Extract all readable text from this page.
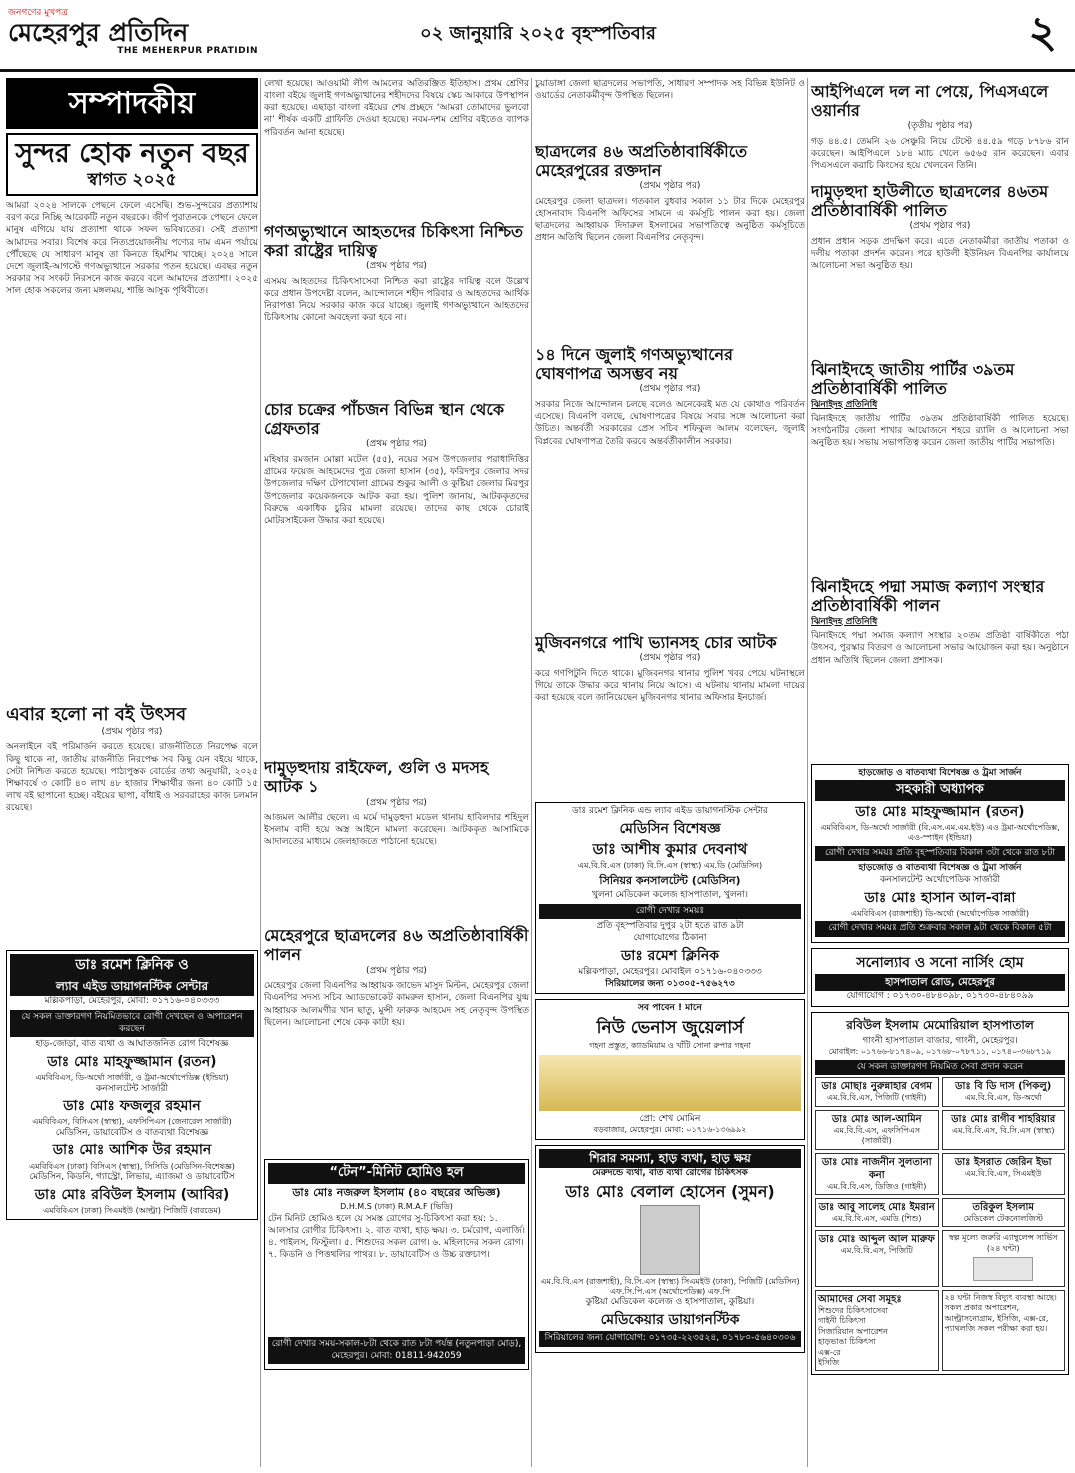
জনগণের মুখপত্র
মেহেরপুর প্রতিদিন
THE MEHERPUR PRATIDIN
০২ জানুয়ারি ২০২৫ বৃহস্পতিবার	২
সম্পাদকীয়
সুন্দর হোক নতুন বছর
স্বাগত ২০২৫
আমরা ২০২৪ সালকে পেছনে ফেলে এসেছি। শুভ-সুন্দরের প্রত্যাশায় বরণ করে নিচ্ছি আরেকটি নতুন বছরকে। জীর্ণ পুরাতনকে পেছনে ফেলে মানুষ এগিয়ে যায় প্রত্যাশা থাকে সফল ভবিষ্যতের। সেই প্রত্যাশা আমাদের সবার। বিশেষ করে নিত্যপ্রয়োজনীয় পণ্যের দাম এমন পর্যায়ে পৌঁছেছে যে সাধারণ মানুষ তা কিনতে হিমশিম খাচ্ছে। ২০২৪ সালে দেশে জুলাই-আগস্টে গণঅভ্যুত্থানে সরকার পতন হয়েছে। এবছর নতুন সরকার সব সংকট নিরসনে কাজ করবে বলে আমাদের প্রত্যাশা। ২০২৫ সাল হোক সকলের জন্য মঙ্গলময়, শান্তি আসুক পৃথিবীতে।
এবার হলো না বই উৎসব
(প্রথম পৃষ্ঠার পর)
অনলাইনে বই পরিমার্জন করতে হয়েছে। রাজনীতিতে নিরপেক্ষ বলে কিছু থাকে না, জাতীয় রাজনীতি নিরপেক্ষ সব কিছু যেন বইয়ে থাকে, সেটা নিশ্চিত করতে হয়েছে। পাঠ্যপুস্তক বোর্ডের তথ্য অনুযায়ী, ২০২৫ শিক্ষাবর্ষে ৩ কোটি ৪০ লাখ ৪৮ হাজার শিক্ষার্থীর জন্য ৪০ কোটি ১৫ লাখ বই ছাপানো হচ্ছে। বইয়ের ছাপা, বাঁধাই ও সরবরাহের কাজ চলমান রয়েছে।
ডাঃ রমেশ ক্লিনিক ও
ল্যাব এইড ডায়াগনস্টিক সেন্টার
মল্লিকপাড়া, মেহেরপুর, মোবা: ০১৭১৬-০৪০৩৩৩
যে সকল ডাক্তারগণ নিয়মিতভাবে রোগী দেখছেন ও অপারেশন করছেন
হাড়-জোড়া, বাত ব্যথা ও আঘাতজনিত রোগ বিশেষজ্ঞ
ডাঃ মোঃ মাহফুজ্জামান (রতন)
এমবিবিএস, ডি-অর্থো সার্জারী, ও ট্রমা-অর্থোপেডিক্স (ইন্ডিয়া)
কনসালটেন্ট সার্জারী
ডাঃ মোঃ ফজলুর রহমান
এমবিবিএস, বিসিএস (স্বাস্থ্য), এফসিপিএস (জেনারেল সার্জারী)
মেডিসিন, ডায়াবেটিস ও বাতব্যথা বিশেষজ্ঞ
ডাঃ মোঃ আশিক উর রহমান
এমবিবিএস (ঢাকা) বিসিএস (স্বাস্থ্য), সিসিডি (মেডিসিন-বিশেষজ্ঞ)
মেডিসিন, কিডনি, গ্যাস্ট্রো, লিভার, এ্যাজমা ও ডায়াবেটিস
ডাঃ মোঃ রবিউল ইসলাম (আবির)
এমবিবিএস (ঢাকা) সিএমইউ (আল্ট্রা) পিজিটি (বারডেম)
লেখা হয়েছে। আওয়ামী লীগ আমলের অতিরঞ্জিত ইতিহাস। প্রথম শ্রেণির বাংলা বইয়ে জুলাই গণঅভ্যুত্থানের শহীদদের বিষয়ে স্কেচ আকারে উপস্থাপন করা হয়েছে। এছাড়া বাংলা বইয়ের শেষ প্রচ্ছদে ‘আমরা তোমাদের ভুলবো না’ শীর্ষক একটি গ্রাফিতি দেওয়া হয়েছে। নবম-দশম শ্রেণির বইতেও ব্যাপক পরিবর্তন আনা হয়েছে।
গণঅভ্যুত্থানে আহতদের চিকিৎসা নিশ্চিত করা রাষ্ট্রের দায়িত্ব
(প্রথম পৃষ্ঠার পর)
এসময় আহতদের চিকিৎসাসেবা নিশ্চিত করা রাষ্ট্রের দায়িত্ব বলে উল্লেখ করে প্রধান উপদেষ্টা বলেন, আন্দোলনে শহীদ পরিবার ও আহতদের আর্থিক নিরাপত্তা নিয়ে সরকার কাজ করে যাচ্ছে। জুলাই গণঅভ্যুত্থানে আহতদের চিকিৎসায় কোনো অবহেলা করা হবে না।
চোর চক্রের পাঁচজন বিভিন্ন স্থান থেকে গ্রেফতার
(প্রথম পৃষ্ঠার পর)
মহিষার রমজান মোল্লা মটেল (৫৫), নয়ের সরস উপজেলার পরাধাদিত্তির গ্রামের ফয়েজ আহমেদের পুত্র জেলা হাসান (৩৫), ফরিদপুর জেলার সদর উপজেলার দক্ষিণ টেপাখোলা গ্রামের শুকুর আলী ও কুষ্টিয়া জেলার মিরপুর উপজেলার কয়েকজনকে আটক করা হয়। পুলিশ জানায়, আটককৃতদের বিরুদ্ধে একাধিক চুরির মামলা রয়েছে। তাদের কাছ থেকে চোরাই মোটরসাইকেল উদ্ধার করা হয়েছে।
দামুড়হুদায় রাইফেল, গুলি ও মদসহ আটক ১
(প্রথম পৃষ্ঠার পর)
আজমল আলীর ছেলে। এ মর্মে দামুড়হুদা মডেল থানায় হাবিলদার শহিদুল ইসলাম বাদী হয়ে অস্ত্র আইনে মামলা করেছেন। আটককৃত আসামিকে আদালতের মাধ্যমে জেলহাজতে পাঠানো হয়েছে।
মেহেরপুরে ছাত্রদলের ৪৬ অপ্রতিষ্ঠাবার্ষিকী পালন
(প্রথম পৃষ্ঠার পর)
মেহেরপুর জেলা বিএনপির আহ্বায়ক জাভেদ মাসুদ মিল্টন, মেহেরপুর জেলা বিএনপির সদস্য সচিব অ্যাডভোকেট কামরুল হাসান, জেলা বিএনপির যুগ্ম আহ্বায়ক আলমগীর খান ছাতু, মুন্সী ফারুক আহমেদ সহ নেতৃবৃন্দ উপস্থিত ছিলেন। আলোচনা শেষে কেক কাটা হয়।
“টেন”-মিনিট হোমিও হল
ডাঃ মোঃ নজরুল ইসলাম (৪০ বছরের অভিজ্ঞ)
D.H.M.S (ঢাকা) R.M.A.F (ভিডি)
টেন মিনিট হোমিও হলে যে সমস্ত রোগের সু-চিকিৎসা করা হয়: ১. আলসার রোগীর চিকিৎসা। ২. বাত ব্যথা, হাড় ক্ষয়। ৩. চর্মরোগ, এলার্জি। ৪. পাইলস, ফিস্টুলা। ৫. শিশুদের সকল রোগ। ৬. মহিলাদের সকল রোগ। ৭. কিডনি ও পিত্তথলির পাথর। ৮. ডায়াবেটিস ও উচ্চ রক্তচাপ।
রোগী দেখার সময়-সকাল-৮টা থেকে রাত ৮টা পর্যন্ত (নতুনপাড়া মোড়), মেহেরপুর। মোবা: 01811-942059
চুয়াডাঙ্গা জেলা ছাত্রদলের সভাপতি, সাধারণ সম্পাদক সহ বিভিন্ন ইউনিট ও ওয়ার্ডের নেতাকর্মীবৃন্দ উপস্থিত ছিলেন।
ছাত্রদলের ৪৬ অপ্রতিষ্ঠাবার্ষিকীতে মেহেরপুরের রক্তদান
(প্রথম পৃষ্ঠার পর)
মেহেরপুর জেলা ছাত্রদল। গতকাল বুধবার সকাল ১১ টার দিকে মেহেরপুর হোসনাবাদ বিএনপি অফিসের সামনে এ কর্মসূচি পালন করা হয়। জেলা ছাত্রদলের আহ্বায়ক দিদারুল ইসলামের সভাপতিত্বে অনুষ্ঠিত কর্মসূচিতে প্রধান অতিথি ছিলেন জেলা বিএনপির নেতৃবৃন্দ।
১৪ দিনে জুলাই গণঅভ্যুত্থানের ঘোষণাপত্র অসম্ভব নয়
(প্রথম পৃষ্ঠার পর)
সরকার নিজে আন্দোলন চলছে বলেও অনেকেরই মত যে কোথাও পরিবর্তন এসেছে। বিএনপি বলছে, ঘোষণাপত্রের বিষয়ে সবার সঙ্গে আলোচনা করা উচিত। অন্তর্বর্তী সরকারের প্রেস সচিব শফিকুল আলম বলেছেন, জুলাই বিপ্লবের ঘোষণাপত্র তৈরি করবে অন্তর্বর্তীকালীন সরকার।
মুজিবনগরে পাখি ভ্যানসহ চোর আটক
(প্রথম পৃষ্ঠার পর)
করে গণপিটুনি দিতে থাকে। মুজিবনগর থানার পুলিশ খবর পেয়ে ঘটনাস্থলে গিয়ে তাকে উদ্ধার করে থানায় নিয়ে আসে। এ ঘটনায় থানায় মামলা দায়ের করা হয়েছে বলে জানিয়েছেন মুজিবনগর থানার অফিসার ইনচার্জ।
ডাঃ রমেশ ক্লিনিক এন্ড ল্যাব এইড ডায়াগনস্টিক সেন্টার
মেডিসিন বিশেষজ্ঞ
ডাঃ আশীষ কুমার দেবনাথ
এম.বি.বি.এস (ঢাকা) বি.সি.এস (স্বাস্থ্য) এম.ডি (মেডিসিন)
সিনিয়র কনসালটেন্ট (মেডিসিন)
খুলনা মেডিকেল কলেজ হাসপাতাল, খুলনা।
রোগী দেখার সময়ঃ
প্রতি বৃহস্পতিবার দুপুর ২টা হতে রাত ৯টা
যোগাযোগের ঠিকানা
ডাঃ রমেশ ক্লিনিক
মল্লিকপাড়া, মেহেরপুর। মোবাইল ০১৭১৬-০৪০৩৩৩
সিরিয়ালের জন্য ০১৩০৫-৭৫৬২৭৩
সব পাবেন ! মানে
নিউ ভেনাস জুয়েলার্স
গহনা প্রস্তুত, ক্যাডমিয়াম ও খাঁটি সোনা রুপার গহনা
প্রো: শেখ মোমিন
বড়বাজার, মেহেরপুর। মোবা: ০১৭১৬-১৩৬৯৯২
শিরার সমস্যা, হাড় ব্যথা, হাড় ক্ষয়
মেরুদন্ডে ব্যথা, বাত ব্যথা রোগের চিকিৎসক
ডাঃ মোঃ বেলাল হোসেন (সুমন)
এম.বি.বি.এস (রাজশাহী), বি.সি.এস (স্বাস্থ্য) সিএমইউ (ঢাকা), পিজিটি (মেডিসিন) এফ.সি.পি.এস (অর্থোপেডিক্স) এফ.পি
কুষ্টিয়া মেডিকেল কলেজ ও হাসপাতাল, কুষ্টিয়া।
মেডিকেয়ার ডায়াগনস্টিক
সিরিয়ালের জন্য যোগাযোগ: ০১৭৩৫-২২৩৫২৪, ০১৭৮০-৫৬৪০৩০৬
আইপিএলে দল না পেয়ে, পিএসএলে ওয়ার্নার
(তৃতীয় পৃষ্ঠার পর)
গড় ৪৪.৫। তেমনি ২৬ সেঞ্চুরি নিয়ে টেস্টে ৪৪.৫৯ গড়ে ৮৭৮৬ রান করেছেন। আইপিএলে ১৮৪ ম্যাচ খেলে ৬৫৬৫ রান করেছেন। এবার পিএসএলে করাচি কিংসের হয়ে খেলবেন তিনি।
দামুড়হুদা হাউলীতে ছাত্রদলের ৪৬তম প্রতিষ্ঠাবার্ষিকী পালিত
(প্রথম পৃষ্ঠার পর)
প্রধান প্রধান সড়ক প্রদক্ষিণ করে। এতে নেতাকর্মীরা জাতীয় পতাকা ও দলীয় পতাকা প্রদর্শন করেন। পরে হাউলী ইউনিয়ন বিএনপির কার্যালয়ে আলোচনা সভা অনুষ্ঠিত হয়।
ঝিনাইদহে জাতীয় পার্টির ৩৯তম প্রতিষ্ঠাবার্ষিকী পালিত
ঝিনাইদহ প্রতিনিধি
ঝিনাইদহে জাতীয় পার্টির ৩৯তম প্রতিষ্ঠাবার্ষিকী পালিত হয়েছে। সংগঠনটির জেলা শাখার আয়োজনে শহরে র‍্যালি ও আলোচনা সভা অনুষ্ঠিত হয়। সভায় সভাপতিত্ব করেন জেলা জাতীয় পার্টির সভাপতি।
ঝিনাইদহে পদ্মা সমাজ কল্যাণ সংস্থার প্রতিষ্ঠাবার্ষিকী পালন
ঝিনাইদহ প্রতিনিধি
ঝিনাইদহে পদ্মা সমাজ কল্যাণ সংস্থার ২০তম প্রতিষ্ঠা বার্ষিকীতে পঠা উৎসব, পুরস্কার বিতরণ ও আলোচনা সভার আয়োজন করা হয়। অনুষ্ঠানে প্রধান অতিথি ছিলেন জেলা প্রশাসক।
হাড়জোড় ও বাতব্যথা বিশেষজ্ঞ ও ট্রমা সার্জন
সহকারী অধ্যাপক
ডাঃ মোঃ মাহফুজ্জামান (রতন)
এমবিবিএস, ডি-অর্থো সার্জারী (বি.এস.এম.এম.ইউ) এও ট্রমা-অর্থোপেডিক্স, এও-স্পাইন (ইন্ডিয়া)
রোগী দেখার সময়ঃ প্রতি বৃহস্পতিবার বিকাল ৩টা থেকে রাত ৮টা
হাড়জোড় ও বাতব্যথা বিশেষজ্ঞ ও ট্রমা সার্জন
কনসালটেন্ট অর্থোপেডিক সার্জারী
ডাঃ মোঃ হাসান আল-বান্না
এমবিবিএস (রাজশাহী) ডি-অর্থো (অর্থোপেডিক সার্জারী)
রোগী দেখার সময়ঃ প্রতি শুক্রবার সকাল ৯টা থেকে বিকাল ৫টা
সনোল্যাব ও সনো নার্সিং হোম
হাসপাতাল রোড, মেহেরপুর
যোগাযোগ : ০১৭৩০-৪৮৪০৯৮, ০১৭৩০-৪৮৪০৯৯
রবিউল ইসলাম মেমোরিয়াল হাসপাতাল
গাংনী হাসপাতাল বাজার, গাংনী, মেহেরপুর।
মোবাইল: ০১৭৬৬-৮১৭৪০৯, ০১৭৬৮-০৭৮৭১১, ০১৭৪০-৩৬৮৭১৯
যে সকল ডাক্তারগণ নিয়মিত সেবা প্রদান করেন
ডাঃ মোছাঃ নুরুন্নাহার বেগম
এম.বি.বি.এস, পিজিটি (গাইনী)
ডাঃ বি ডি দাস (পিকলু)
এম.বি.বি.এস, ডি-অর্থো
ডাঃ মোঃ আল-আমিন
এম.বি.বি.এস, এফসিপিএস (সার্জারী)
ডাঃ মোঃ রাগীব শাহরিয়ার
এম.বি.বি.এস, বি.সি.এস (স্বাস্থ্য)
ডাঃ মোঃ নাজনীন সুলতানা কনা
এম.বি.বি.এস, ডিজিও (গাইনী)
ডাঃ ইসরাত জেরিন ইভা
এম.বি.বি.এস, সিএমইউ
ডাঃ আবু সালেহ মোঃ ইমরান
এম.বি.বি.এস, এমডি (শিশু)
তরিকুল ইসলাম
মেডিকেল টেকনোলজিস্ট
ডাঃ মোঃ আব্দুল আল মারুফ
এম.বি.বি.এস, পিজিটি
স্বল্প মূল্যে জরুরি এ্যাম্বুলেন্স সার্ভিস (২৪ ঘন্টা)
আমাদের সেবা সমূহঃ
শিশুদের চিকিৎসাসেবা
গাইনী চিকিৎসা
সিজারিয়ান অপারেশন
হাড়ভাঙা চিকিৎসা
এক্স-রে
ইসিজি
২৪ ঘন্টা নিজস্ব বিদ্যুৎ ব্যবস্থা আছে। সকল প্রকার অপারেশন, আল্ট্রাসনোগ্রাম, ইসিজি, এক্স-রে, প্যাথলজি সকল পরীক্ষা করা হয়।
